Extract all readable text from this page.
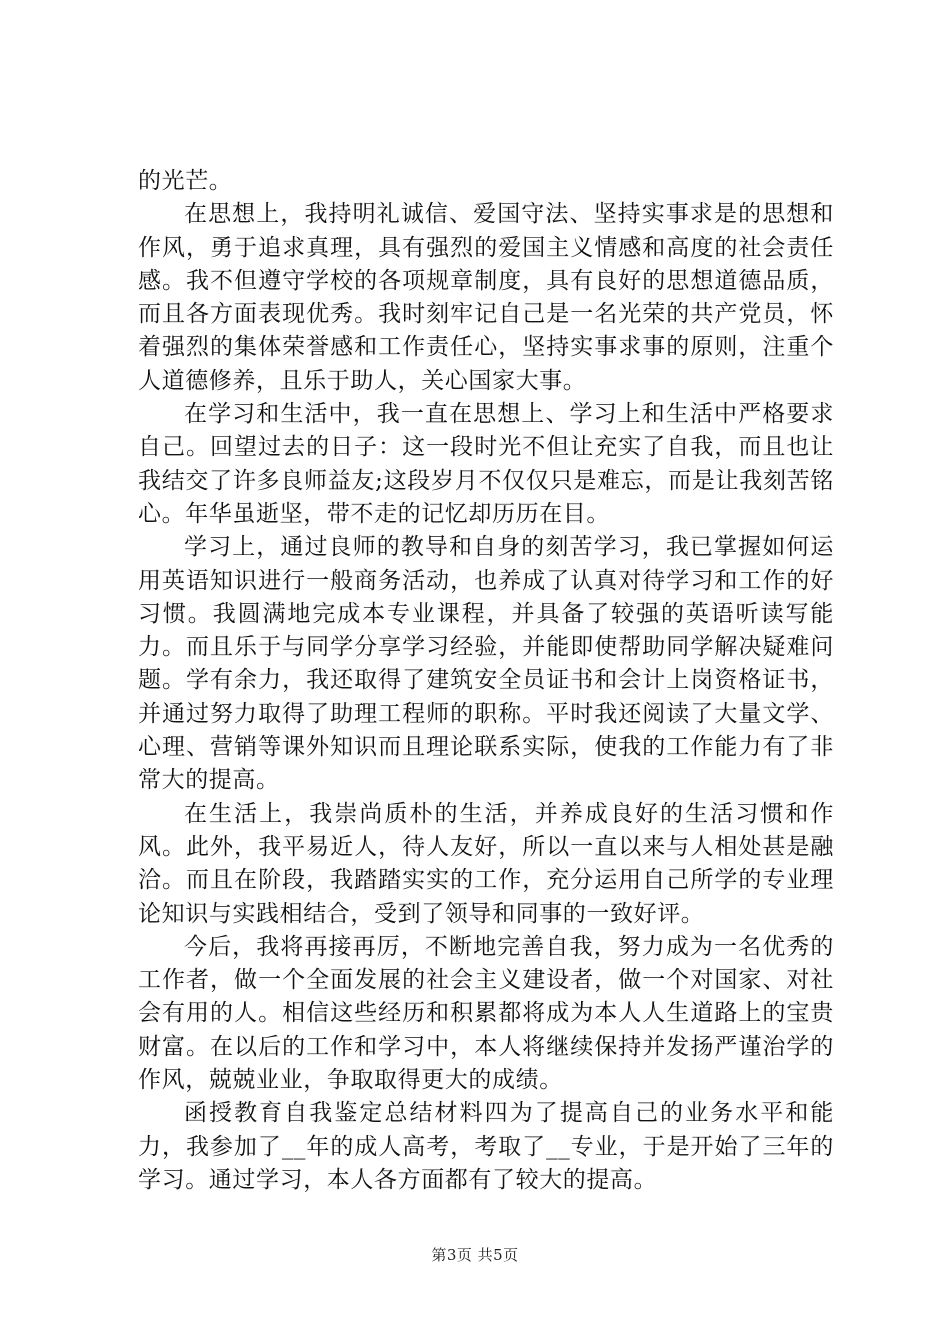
的光芒。

在思想上，我持明礼诚信、爱国守法、坚持实事求是的思想和作风，勇于追求真理，具有强烈的爱国主义情感和高度的社会责任感。我不但遵守学校的各项规章制度，具有良好的思想道德品质，而且各方面表现优秀。我时刻牢记自己是一名光荣的共产党员，怀着强烈的集体荣誉感和工作责任心，坚持实事求事的原则，注重个人道德修养，且乐于助人，关心国家大事。

在学习和生活中，我一直在思想上、学习上和生活中严格要求自己。回望过去的日子：这一段时光不但让充实了自我，而且也让我结交了许多良师益友;这段岁月不仅仅只是难忘，而是让我刻苦铭心。年华虽逝坚，带不走的记忆却历历在目。

学习上，通过良师的教导和自身的刻苦学习，我已掌握如何运用英语知识进行一般商务活动，也养成了认真对待学习和工作的好习惯。我圆满地完成本专业课程，并具备了较强的英语听读写能力。而且乐于与同学分享学习经验，并能即使帮助同学解决疑难问题。学有余力，我还取得了建筑安全员证书和会计上岗资格证书，并通过努力取得了助理工程师的职称。平时我还阅读了大量文学、心理、营销等课外知识而且理论联系实际，使我的工作能力有了非常大的提高。

在生活上，我崇尚质朴的生活，并养成良好的生活习惯和作风。此外，我平易近人，待人友好，所以一直以来与人相处甚是融洽。而且在阶段，我踏踏实实的工作，充分运用自己所学的专业理论知识与实践相结合，受到了领导和同事的一致好评。

今后，我将再接再厉，不断地完善自我，努力成为一名优秀的工作者，做一个全面发展的社会主义建设者，做一个对国家、对社会有用的人。相信这些经历和积累都将成为本人人生道路上的宝贵财富。在以后的工作和学习中，本人将继续保持并发扬严谨治学的作风，兢兢业业，争取取得更大的成绩。

函授教育自我鉴定总结材料四为了提高自己的业务水平和能力，我参加了__年的成人高考，考取了__专业，于是开始了三年的学习。通过学习，本人各方面都有了较大的提高。

第3页 共5页
